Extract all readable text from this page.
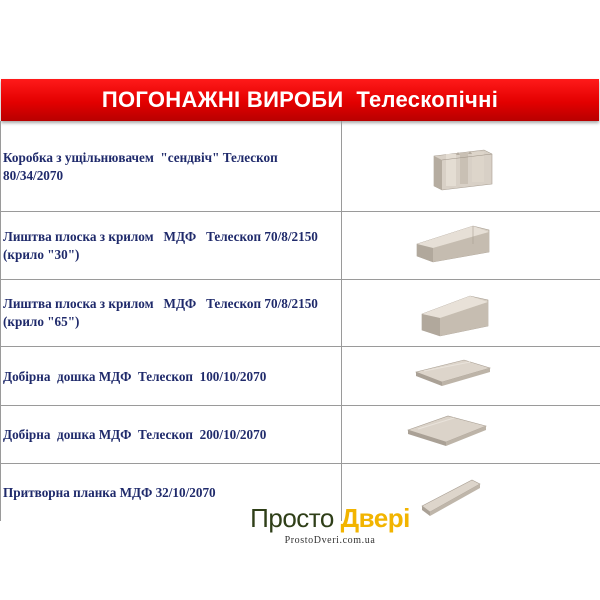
ПОГОНАЖНІ ВИРОБИ  Телескопічні
Коробка з ущільнювачем  "сендвіч" Телескоп 80/34/2070
Лиштва плоска з крилом   МДФ   Телескоп 70/8/2150  (крило "30")
Лиштва плоска з крилом   МДФ   Телескоп 70/8/2150  (крило "65")
Добірна  дошка МДФ  Телескоп  100/10/2070
Добірна  дошка МДФ  Телескоп  200/10/2070
Притворна планка МДФ 32/10/2070
Просто Двері
ProstoDveri.com.ua
